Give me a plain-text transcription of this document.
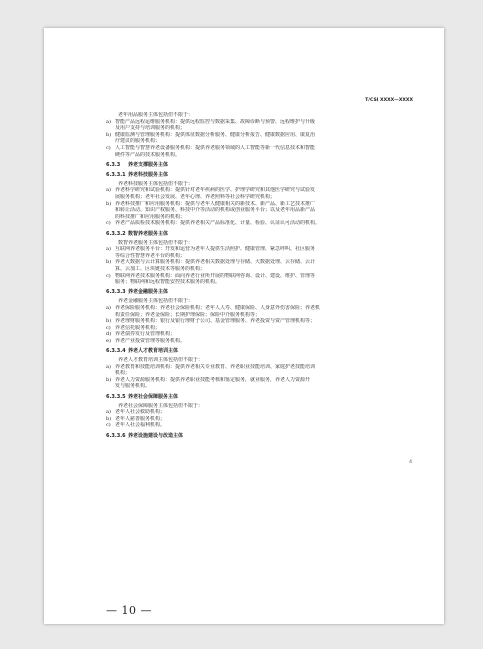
T/CSI XXXX—XXXX
老年用品服务主体包括但不限于：
a) 智能产品远程运维服务机构：提供远程监控与数据采集、故障诊断与预警、远程维护与升级
及用户支持与培训服务的机构；
b) 健康监测与管理服务机构：提供体征数据分析服务、健康分析报告、健康数据应用、康复治
疗建议的服务机构；
c) 人工智能与智慧养老设备服务机构：提供养老服务领域的人工智能等新一代信息技术和智能
硬件等产品的技术服务机构。
6.3.3 养老支撑服务主体
6.3.3.1 养老科技服务主体
养老科技服务主体包括但不限于：
a) 养老科学研究和试验机构：提供针对老年疾病的医学、护理学研究和其他医学研究与试验发
展服务机构；老年社会发展、老年心理、养老照料等社会科学研究机构；
b) 养老科技推广和应用服务机构：提供与老年人健康相关的新技术、新产品、新工艺技术推广
和转让活动、知识产权服务、科技中介等活动的机构或创业服务平台；以及老年用品新产品
的科技推广和应用服务的机构；
c) 养老产品质检技术服务机构：提供养老相关产品标准化、计量、检验、认证认可活动的机构。
6.3.3.2 数智养老服务主体
数智养老服务主体包括但不限于：
a) 互联网养老服务平台：开发和运营为老年人提供生活照护、健康管理、紧急呼叫、社区服务
等综合性智慧养老平台的机构；
b) 养老大数据与云计算服务机构：提供养老相关数据处理与存储、大数据处理、云存储、云计
算、云加工、区块链技术等服务的机构；
c) 物联网养老技术服务机构：面向养老行业所开展的物联网咨询、设计、建设、维护、管理等
服务；物联网和远程智能安控技术服务的机构。
6.3.3.3 养老金融服务主体
养老金融服务主体包括但不限于：
a) 养老保险服务机构：养老社会保险机构；老年人人寿、健康保险、人身意外伤害保险；养老机
构责任保险；养老金保险；长期护理保险；保险中介服务机构等；
b) 养老理财服务机构：银行及银行理财子公司、基金管理服务、养老投资与资产管理机构等；
c) 养老信托服务机构；
d) 养老债券发行及管理机构；
e) 养老产业投资管理等服务机构。
6.3.3.4 养老人才教育培训主体
养老人才教育培训主体包括但不限于：
a) 养老教育和技能培训机构：提供养老相关专业教育、养老职业技能培训、家庭护老技能培训
机构；
b) 养老人力资源服务机构：提供养老职业技能考核和鉴定服务，就业服务，养老人力资源开
发与服务机构。
6.3.3.5 养老社会保障服务主体
养老社会保障服务主体包括但不限于：
a) 老年人社会救助机构；
b) 老年人慈善服务机构；
c) 老年人社会福利机构。
6.3.3.6 养老设施建设与改造主体
4
— 10 —
